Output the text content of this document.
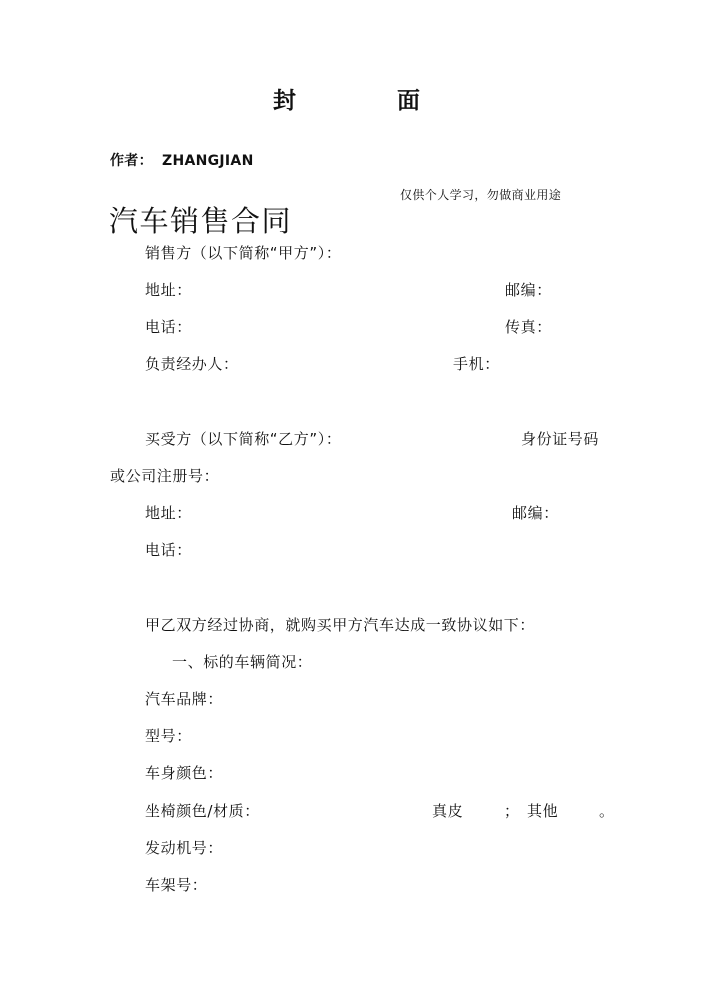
封	面
作者： ZHANGJIAN
仅供个人学习，勿做商业用途
汽车销售合同
销售方（以下简称“甲方”）：
地址：	邮编：
电话：	传真：
负责经办人：	手机：
买受方（以下简称“乙方”）：	身份证号码
或公司注册号：
地址：	邮编：
电话：
甲乙双方经过协商，就购买甲方汽车达成一致协议如下：
一、标的车辆简况：
汽车品牌：
型号：
车身颜色：
坐椅颜色/材质：	真皮	； 其他	。
发动机号：
车架号：
